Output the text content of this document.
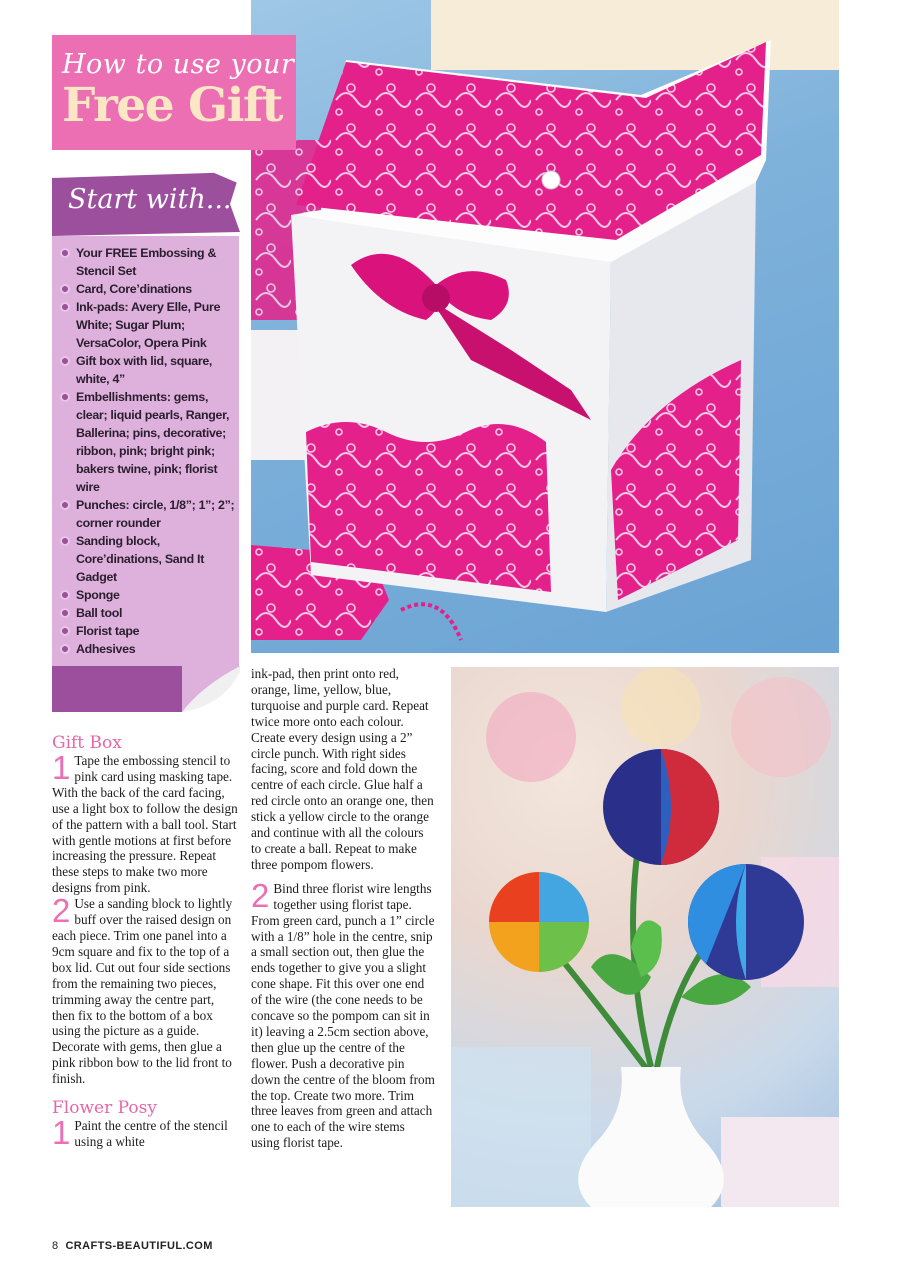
How to use your
Free Gift
Start with...
Your FREE Embossing & Stencil Set
Card, Core’dinations
Ink-pads: Avery Elle, Pure White; Sugar Plum; VersaColor, Opera Pink
Gift box with lid, square, white, 4”
Embellishments: gems, clear; liquid pearls, Ranger, Ballerina; pins, decorative; ribbon, pink; bright pink; bakers twine, pink; florist wire
Punches: circle, 1/8”; 1”; 2”; corner rounder
Sanding block, Core’dinations, Sand It Gadget
Sponge
Ball tool
Florist tape
Adhesives
Gift Box
1 Tape the embossing stencil to pink card using masking tape. With the back of the card facing, use a light box to follow the design of the pattern with a ball tool. Start with gentle motions at first before increasing the pressure. Repeat these steps to make two more designs from pink.

2 Use a sanding block to lightly buff over the raised design on each piece. Trim one panel into a 9cm square and fix to the top of a box lid. Cut out four side sections from the remaining two pieces, trimming away the centre part, then fix to the bottom of a box using the picture as a guide. Decorate with gems, then glue a pink ribbon bow to the lid front to finish.

Flower Posy
1 Paint the centre of the stencil using a white

ink-pad, then print onto red, orange, lime, yellow, blue, turquoise and purple card. Repeat twice more onto each colour. Create every design using a 2” circle punch. With right sides facing, score and fold down the centre of each circle. Glue half a red circle onto an orange one, then stick a yellow circle to the orange and continue with all the colours to create a ball. Repeat to make three pompom flowers.

2 Bind three florist wire lengths together using florist tape. From green card, punch a 1” circle with a 1/8” hole in the centre, snip a small section out, then glue the ends together to give you a slight cone shape. Fit this over one end of the wire (the cone needs to be concave so the pompom can sit in it) leaving a 2.5cm section above, then glue up the centre of the flower. Push a decorative pin down the centre of the bloom from the top. Create two more. Trim three leaves from green and attach one to each of the wire stems using florist tape.

8 CRAFTS-BEAUTIFUL.COM
